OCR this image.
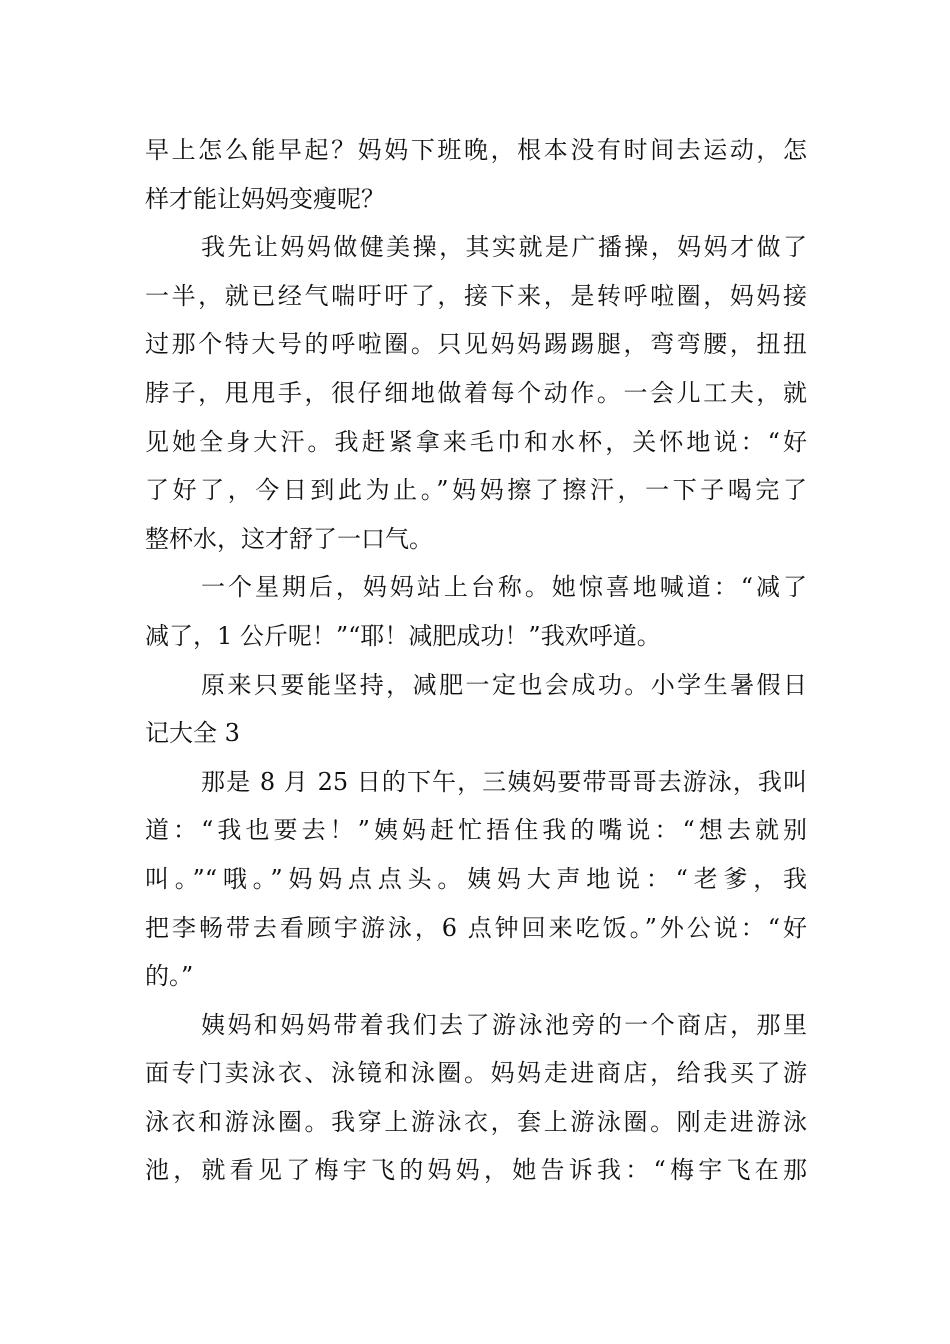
早上怎么能早起？妈妈下班晚，根本没有时间去运动，怎
样才能让妈妈变瘦呢？
我先让妈妈做健美操，其实就是广播操，妈妈才做了
一半，就已经气喘吁吁了，接下来，是转呼啦圈，妈妈接
过那个特大号的呼啦圈。只见妈妈踢踢腿，弯弯腰，扭扭
脖子，甩甩手，很仔细地做着每个动作。一会儿工夫，就
见她全身大汗。我赶紧拿来毛巾和水杯，关怀地说：“好
了好了，今日到此为止。”妈妈擦了擦汗，一下子喝完了
整杯水，这才舒了一口气。
一个星期后，妈妈站上台称。她惊喜地喊道：“减了
减了，1 公斤呢！”“耶！减肥成功！”我欢呼道。
原来只要能坚持，减肥一定也会成功。小学生暑假日
记大全 3
那是 8 月 25 日的下午，三姨妈要带哥哥去游泳，我叫
道：“我也要去！”姨妈赶忙捂住我的嘴说：“想去就别
叫。”“哦。”妈妈点点头。姨妈大声地说：“老爹，我
把李畅带去看顾宇游泳，6 点钟回来吃饭。”外公说：“好
的。”
姨妈和妈妈带着我们去了游泳池旁的一个商店，那里
面专门卖泳衣、泳镜和泳圈。妈妈走进商店，给我买了游
泳衣和游泳圈。我穿上游泳衣，套上游泳圈。刚走进游泳
池，就看见了梅宇飞的妈妈，她告诉我：“梅宇飞在那
